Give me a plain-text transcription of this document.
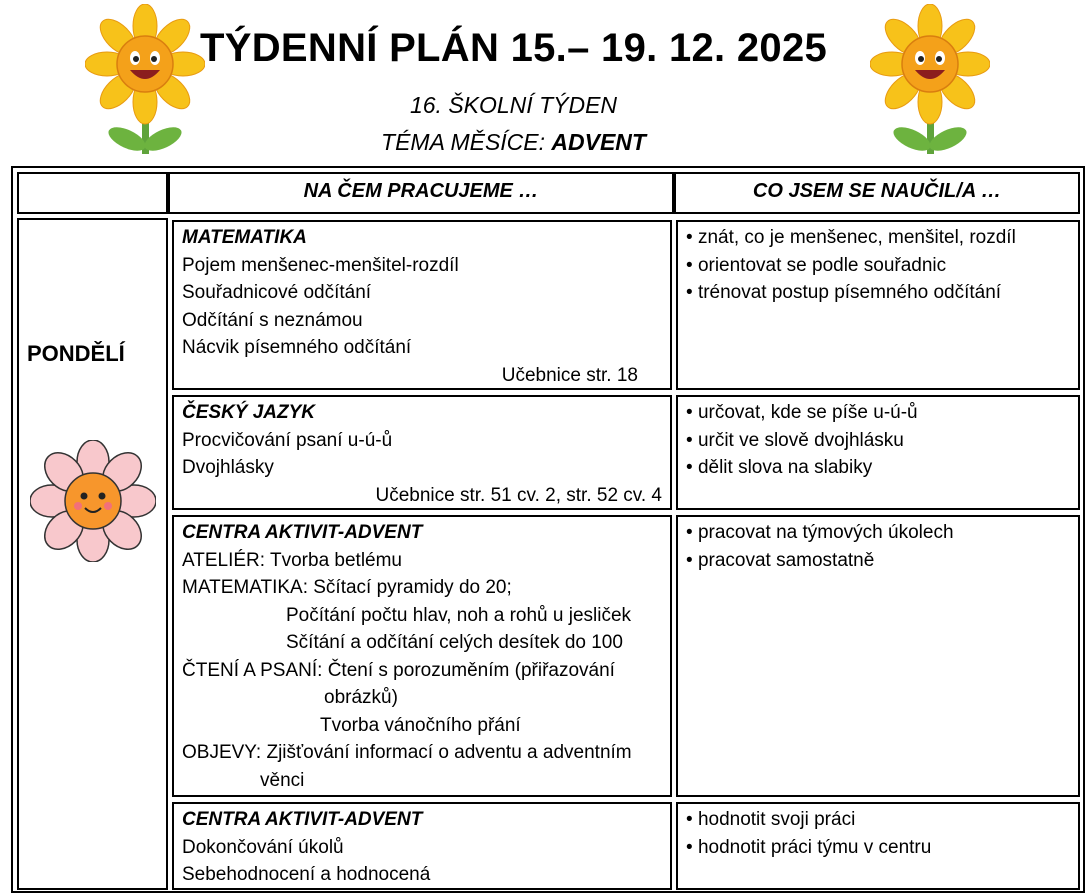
TÝDENNÍ PLÁN 15.– 19. 12. 2025
16. ŠKOLNÍ TÝDEN
TÉMA MĚSÍCE: ADVENT
NA ČEM PRACUJEME …	CO JSEM SE NAUČIL/A …
PONDĚLÍ
MATEMATIKA
Pojem menšenec-menšitel-rozdíl
Souřadnicové odčítání
Odčítání s neznámou
Nácvik písemného odčítání
Učebnice str. 18
• znát, co je menšenec, menšitel, rozdíl
• orientovat se podle souřadnic
• trénovat postup písemného odčítání
ČESKÝ JAZYK
Procvičování psaní u-ú-ů
Dvojhlásky
Učebnice str. 51 cv. 2, str. 52 cv. 4
• určovat, kde se píše u-ú-ů
• určit ve slově dvojhlásku
• dělit slova na slabiky
CENTRA AKTIVIT-ADVENT
ATELIÉR: Tvorba betlému
MATEMATIKA: Sčítací pyramidy do 20;
Počítání počtu hlav, noh a rohů u jesliček
Sčítání a odčítání celých desítek do 100
ČTENÍ A PSANÍ: Čtení s porozuměním (přiřazování
obrázků)
Tvorba vánočního přání
OBJEVY: Zjišťování informací o adventu a adventním
věnci
• pracovat na týmových úkolech
• pracovat samostatně
CENTRA AKTIVIT-ADVENT
Dokončování úkolů
Sebehodnocení a hodnocená
• hodnotit svoji práci
• hodnotit práci týmu v centru
